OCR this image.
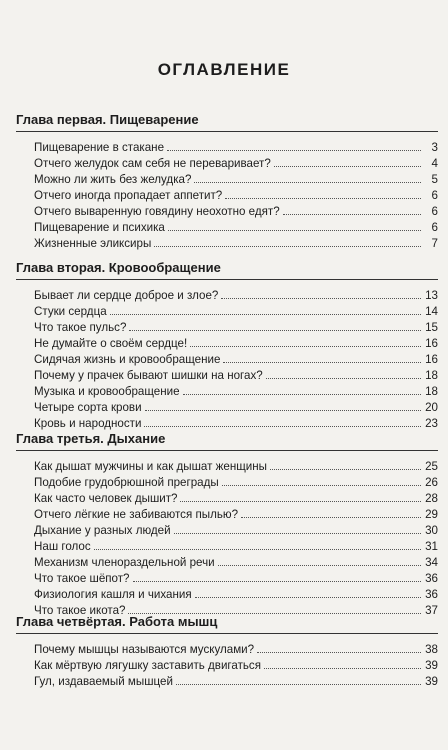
ОГЛАВЛЕНИЕ
Глава первая. Пищеварение
Пищеварение в стакане	3
Отчего желудок сам себя не переваривает?	4
Можно ли жить без желудка?	5
Отчего иногда пропадает аппетит?	6
Отчего вываренную говядину неохотно едят?	6
Пищеварение и психика	6
Жизненные эликсиры	7
Глава вторая. Кровообращение
Бывает ли сердце доброе и злое?	13
Стуки сердца	14
Что такое пульс?	15
Не думайте о своём сердце!	16
Сидячая жизнь и кровообращение	16
Почему у прачек бывают шишки на ногах?	18
Музыка и кровообращение	18
Четыре сорта крови	20
Кровь и народности	23
Глава третья. Дыхание
Как дышат мужчины и как дышат женщины	25
Подобие грудобрюшной преграды	26
Как часто человек дышит?	28
Отчего лёгкие не забиваются пылью?	29
Дыхание у разных людей	30
Наш голос	31
Механизм членораздельной речи	34
Что такое шёпот?	36
Физиология кашля и чихания	36
Что такое икота?	37
Глава четвёртая. Работа мышц
Почему мышцы называются мускулами?	38
Как мёртвую лягушку заставить двигаться	39
Гул, издаваемый мышцей	39
